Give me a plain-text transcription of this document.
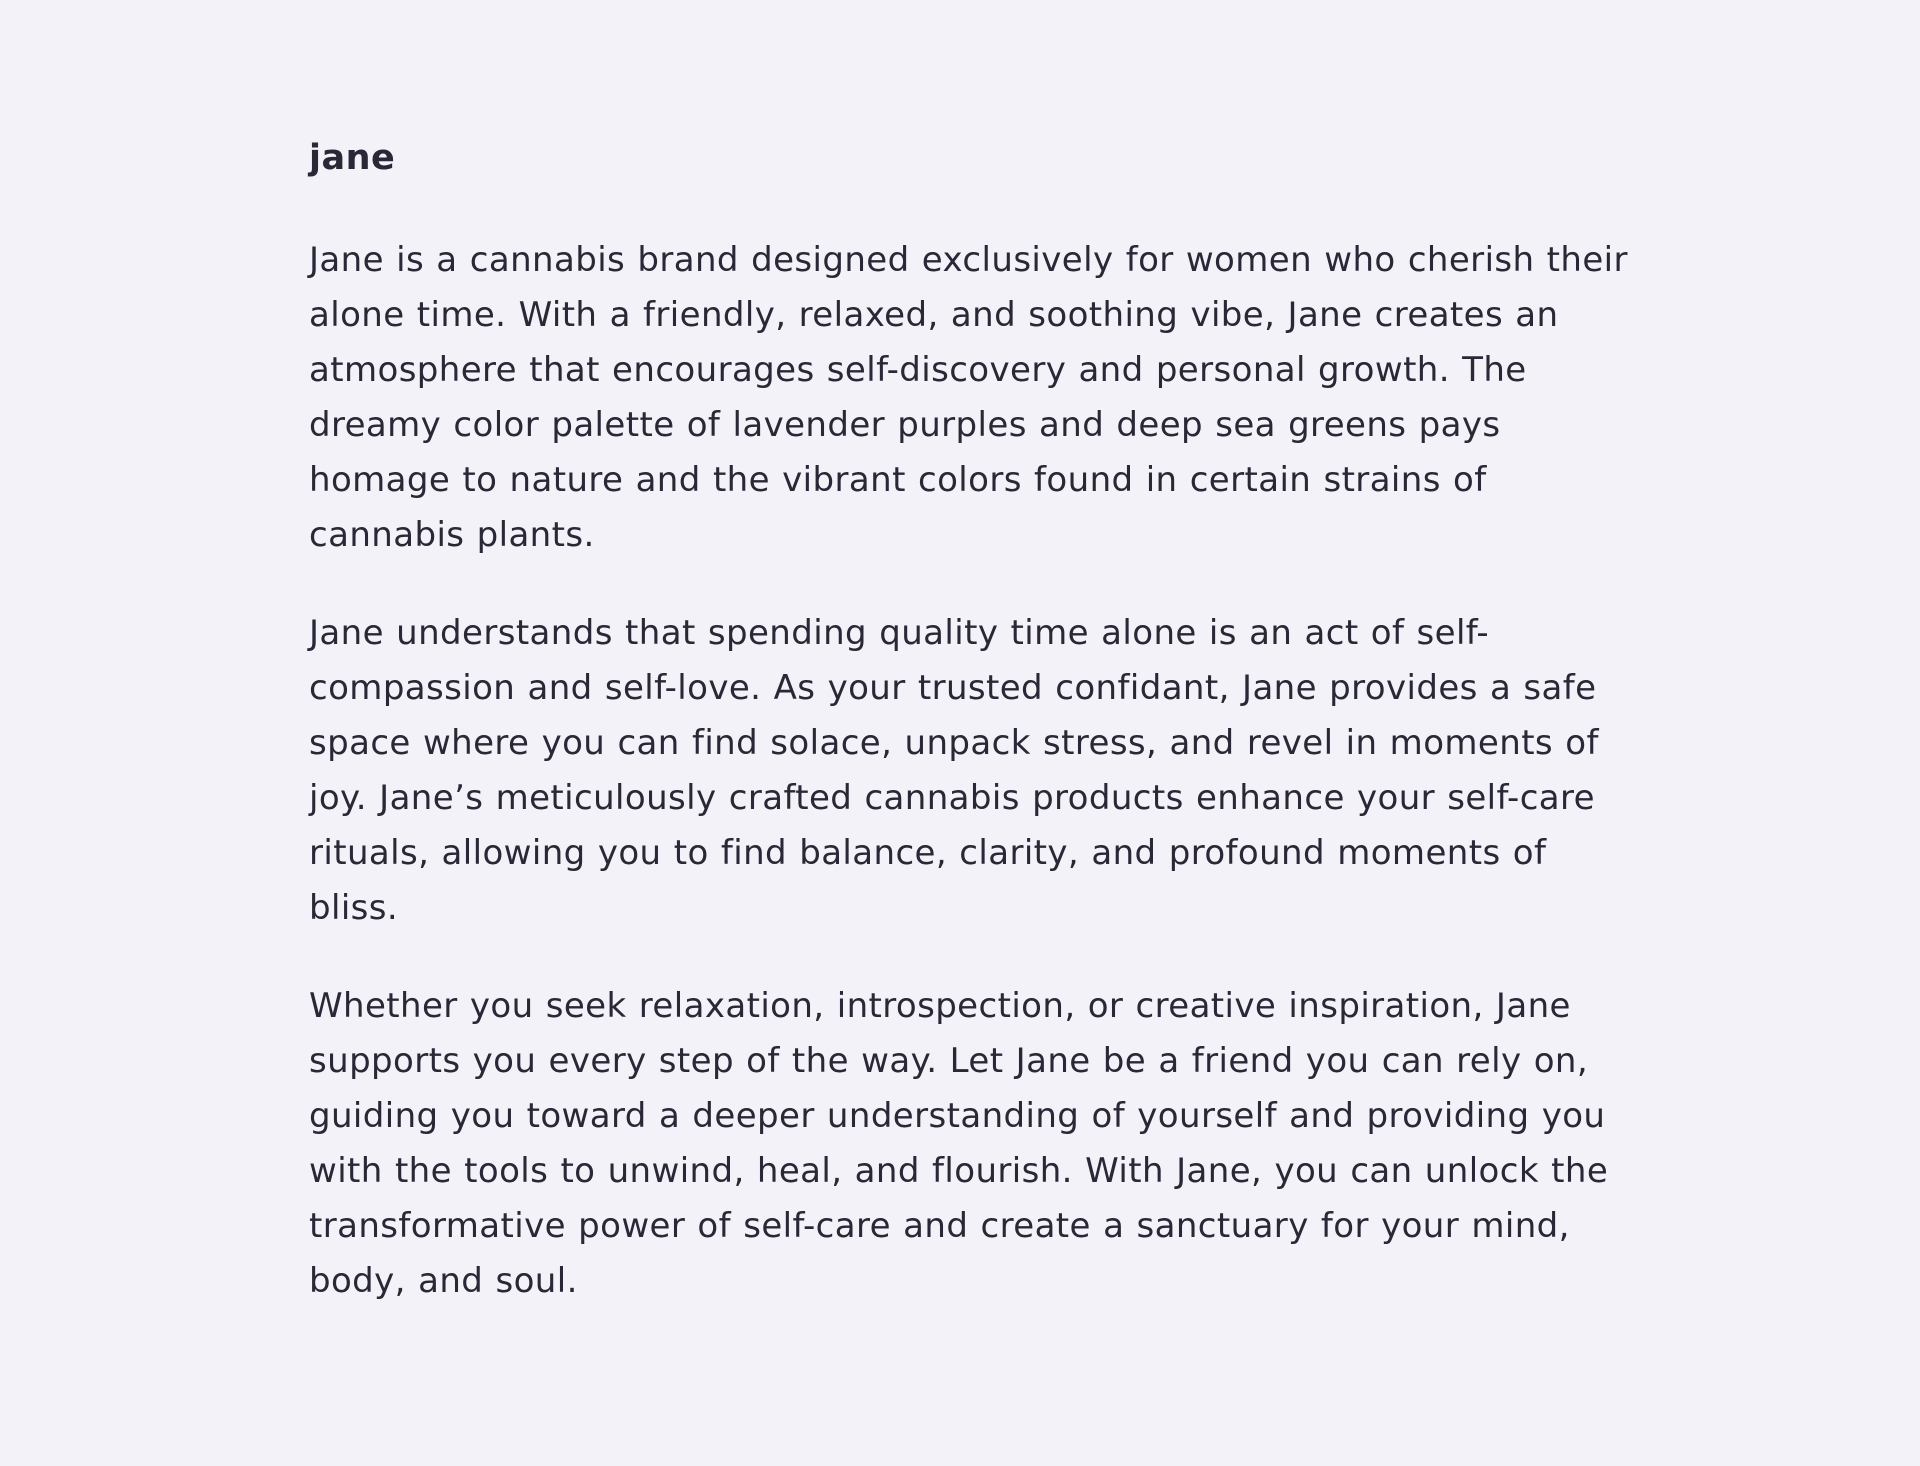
jane

Jane is a cannabis brand designed exclusively for women who cherish their alone time. With a friendly, relaxed, and soothing vibe, Jane creates an atmosphere that encourages self-discovery and personal growth. The dreamy color palette of lavender purples and deep sea greens pays homage to nature and the vibrant colors found in certain strains of cannabis plants.

Jane understands that spending quality time alone is an act of self-compassion and self-love. As your trusted confidant, Jane provides a safe space where you can find solace, unpack stress, and revel in moments of joy. Jane’s meticulously crafted cannabis products enhance your self-care rituals, allowing you to find balance, clarity, and profound moments of bliss.

Whether you seek relaxation, introspection, or creative inspiration, Jane supports you every step of the way. Let Jane be a friend you can rely on, guiding you toward a deeper understanding of yourself and providing you with the tools to unwind, heal, and flourish. With Jane, you can unlock the transformative power of self-care and create a sanctuary for your mind, body, and soul.
